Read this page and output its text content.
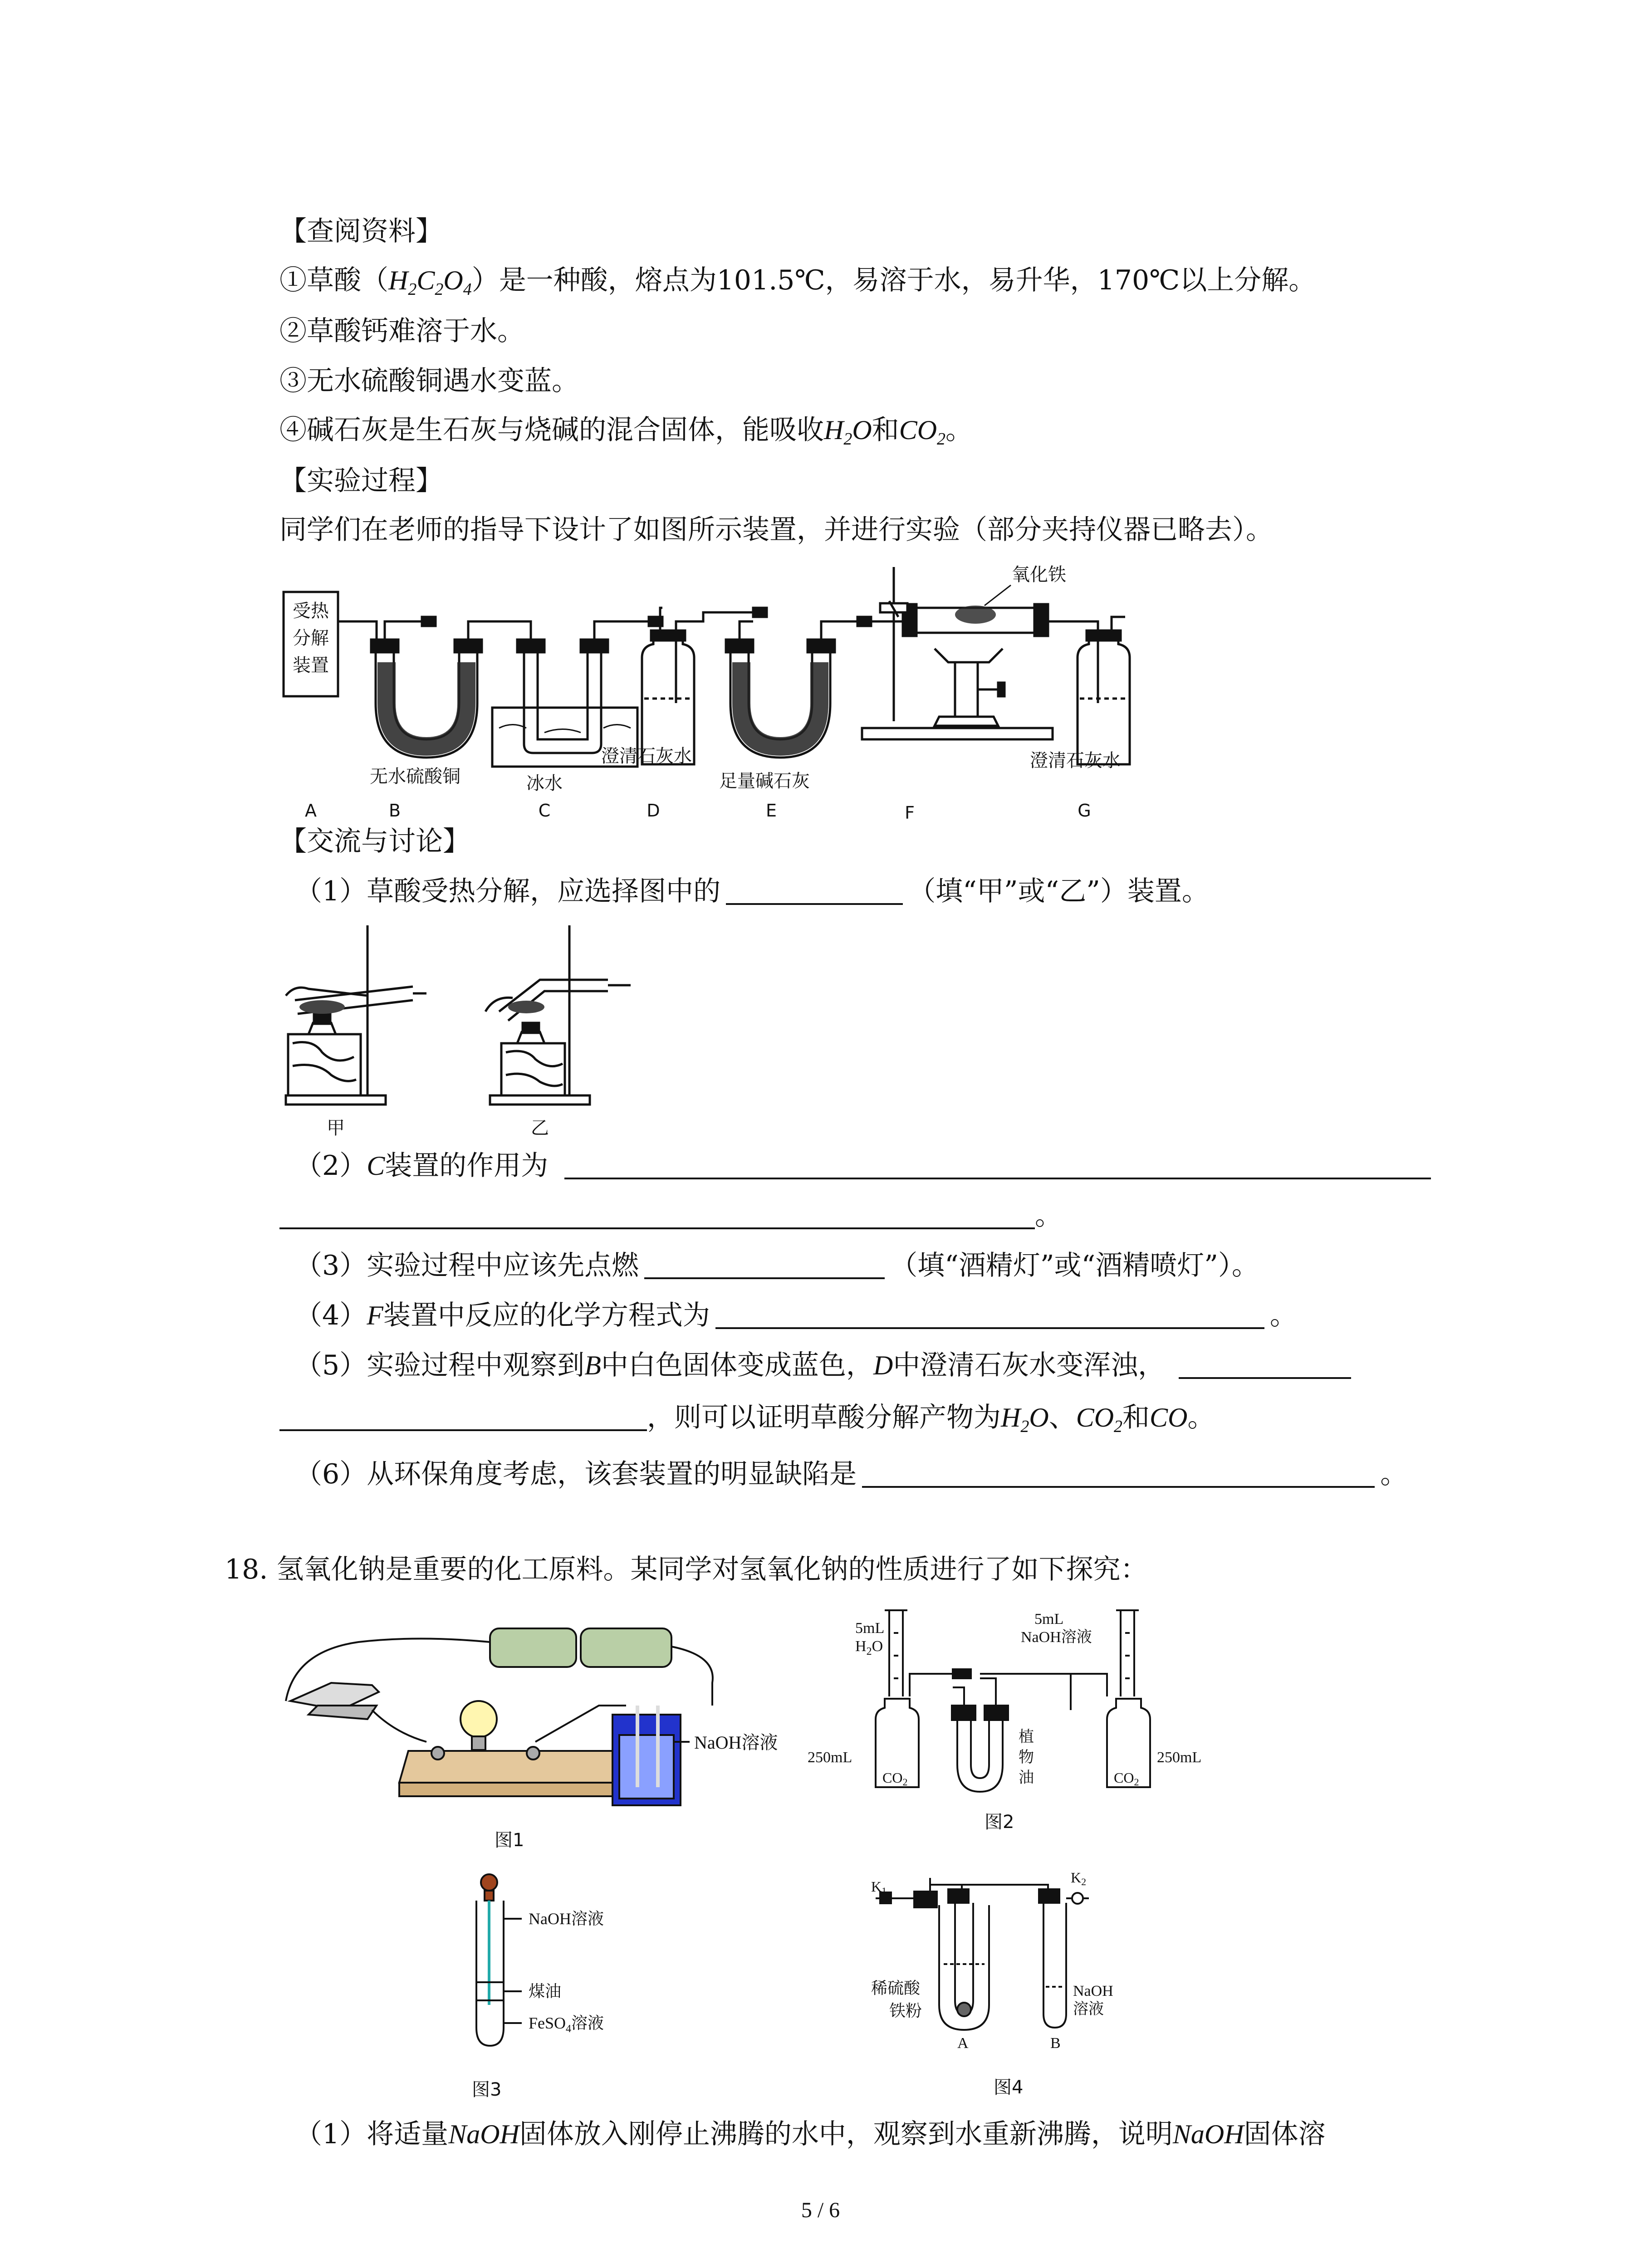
【查阅资料】
①草酸$(H_2C_2O_4)$是一种酸，熔点为101.5℃，易溶于水，易升华，170℃以上分解。
②草酸钙难溶于水。
③无水硫酸铜遇水变蓝。
④碱石灰是生石灰与烧碱的混合固体，能吸收$H_2O$和$CO_2$。
【实验过程】
同学们在老师的指导下设计了如图所示装置，并进行实验（部分夹持仪器已略去）。
受热
分解
装置
氧化铁
无水硫酸铜	冰水
澄清石灰水
足量碱石灰
澄清石灰水
A	B	C	D	E	F	G
【交流与讨论】
（1）草酸受热分解，应选择图中的	（填“甲”或“乙”）装置。
甲	乙
（2）C装置的作用为
。
（3）实验过程中应该先点燃	（填“酒精灯”或“酒精喷灯”）。
（4）F装置中反应的化学方程式为	。
（5）实验过程中观察到B中白色固体变成蓝色，D中澄清石灰水变浑浊，
，则可以证明草酸分解产物为$H_2O$、$CO_2$和CO。
（6）从环保角度考虑，该套装置的明显缺陷是	。
18. 氢氧化钠是重要的化工原料。某同学对氢氧化钠的性质进行了如下探究：
NaOH溶液
图1
5mL
$H_2O$
5mL
NaOH溶液
250mL	250mL
CO2	CO2
植
物
油
图2
NaOH溶液
煤油
FeSO$_4$溶液
图3
K1
K2
稀硫酸
铁粉
NaOH
溶液
A	B
图4
（1）将适量NaOH固体放入刚停止沸腾的水中，观察到水重新沸腾，说明NaOH固体溶
5 / 6
